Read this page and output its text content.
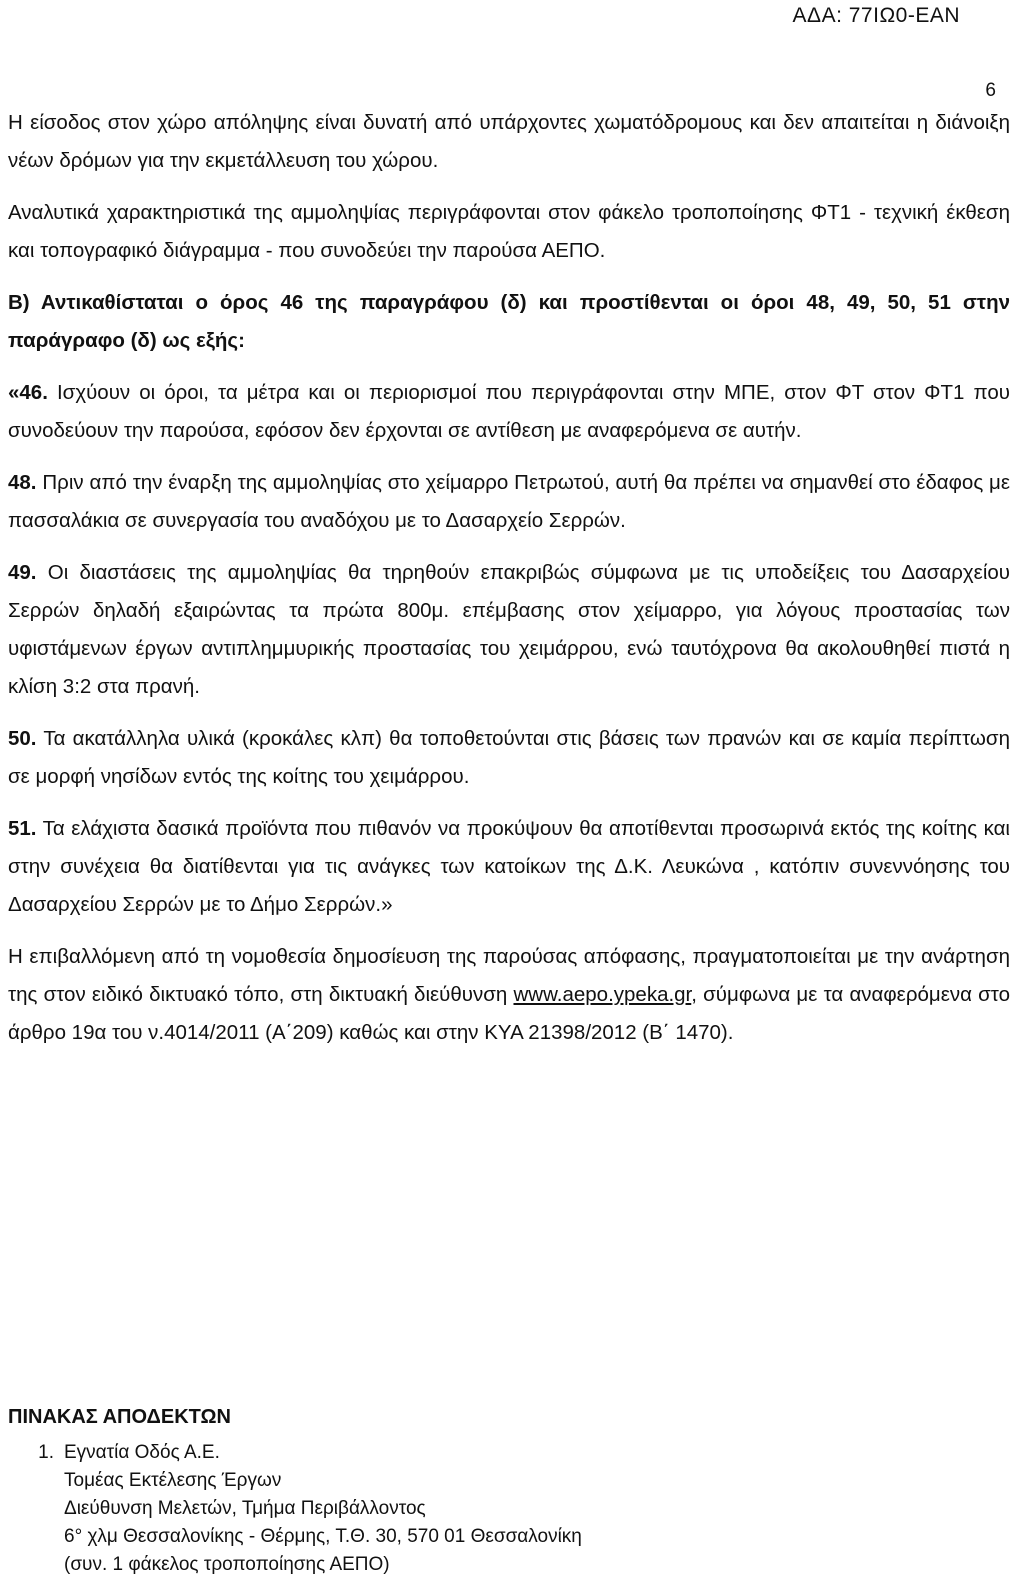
ΑΔΑ: 77ΙΩ0-ΕΑΝ
6

Η είσοδος στον χώρο απόληψης είναι δυνατή από υπάρχοντες χωματόδρομους και δεν απαιτείται η διάνοιξη νέων δρόμων για την εκμετάλλευση του χώρου.

Αναλυτικά χαρακτηριστικά της αμμοληψίας περιγράφονται στον φάκελο τροποποίησης ΦΤ1 - τεχνική έκθεση και τοπογραφικό διάγραμμα - που συνοδεύει την παρούσα ΑΕΠΟ.

Β) Αντικαθίσταται ο όρος 46 της παραγράφου (δ) και προστίθενται οι όροι 48, 49, 50, 51 στην παράγραφο (δ) ως εξής:

«46. Ισχύουν οι όροι, τα μέτρα και οι περιορισμοί που περιγράφονται στην ΜΠΕ, στον ΦΤ στον ΦΤ1 που συνοδεύουν την παρούσα, εφόσον δεν έρχονται σε αντίθεση με αναφερόμενα σε αυτήν.

48. Πριν από την έναρξη της αμμοληψίας στο χείμαρρο Πετρωτού, αυτή θα πρέπει να σημανθεί στο έδαφος με πασσαλάκια σε συνεργασία του αναδόχου με το Δασαρχείο Σερρών.

49. Οι διαστάσεις της αμμοληψίας θα τηρηθούν επακριβώς σύμφωνα με τις υποδείξεις του Δασαρχείου Σερρών δηλαδή εξαιρώντας τα πρώτα 800μ. επέμβασης στον χείμαρρο, για λόγους προστασίας των υφιστάμενων έργων αντιπλημμυρικής προστασίας του χειμάρρου, ενώ ταυτόχρονα θα ακολουθηθεί πιστά η κλίση 3:2 στα πρανή.

50. Τα ακατάλληλα υλικά (κροκάλες κλπ) θα τοποθετούνται στις βάσεις των πρανών και σε καμία περίπτωση σε μορφή νησίδων εντός της κοίτης του χειμάρρου.

51. Τα ελάχιστα δασικά προϊόντα που πιθανόν να προκύψουν θα αποτίθενται προσωρινά εκτός της κοίτης και στην συνέχεια θα διατίθενται για τις ανάγκες των κατοίκων της Δ.Κ. Λευκώνα , κατόπιν συνεννόησης του Δασαρχείου Σερρών με το Δήμο Σερρών.»

Η επιβαλλόμενη από τη νομοθεσία δημοσίευση της παρούσας απόφασης, πραγματοποιείται με την ανάρτηση της στον ειδικό δικτυακό τόπο, στη δικτυακή διεύθυνση www.aepo.ypeka.gr, σύμφωνα με τα αναφερόμενα στο άρθρο 19α του ν.4014/2011 (Α΄209) καθώς και στην ΚΥΑ 21398/2012 (Β΄ 1470).

ΠΙΝΑΚΑΣ ΑΠΟΔΕΚΤΩΝ
1. Εγνατία Οδός Α.Ε.
Τομέας Εκτέλεσης Έργων
Διεύθυνση Μελετών, Τμήμα Περιβάλλοντος
6° χλμ Θεσσαλονίκης - Θέρμης, Τ.Θ. 30, 570 01 Θεσσαλονίκη
(συν. 1 φάκελος τροποποίησης ΑΕΠΟ)
